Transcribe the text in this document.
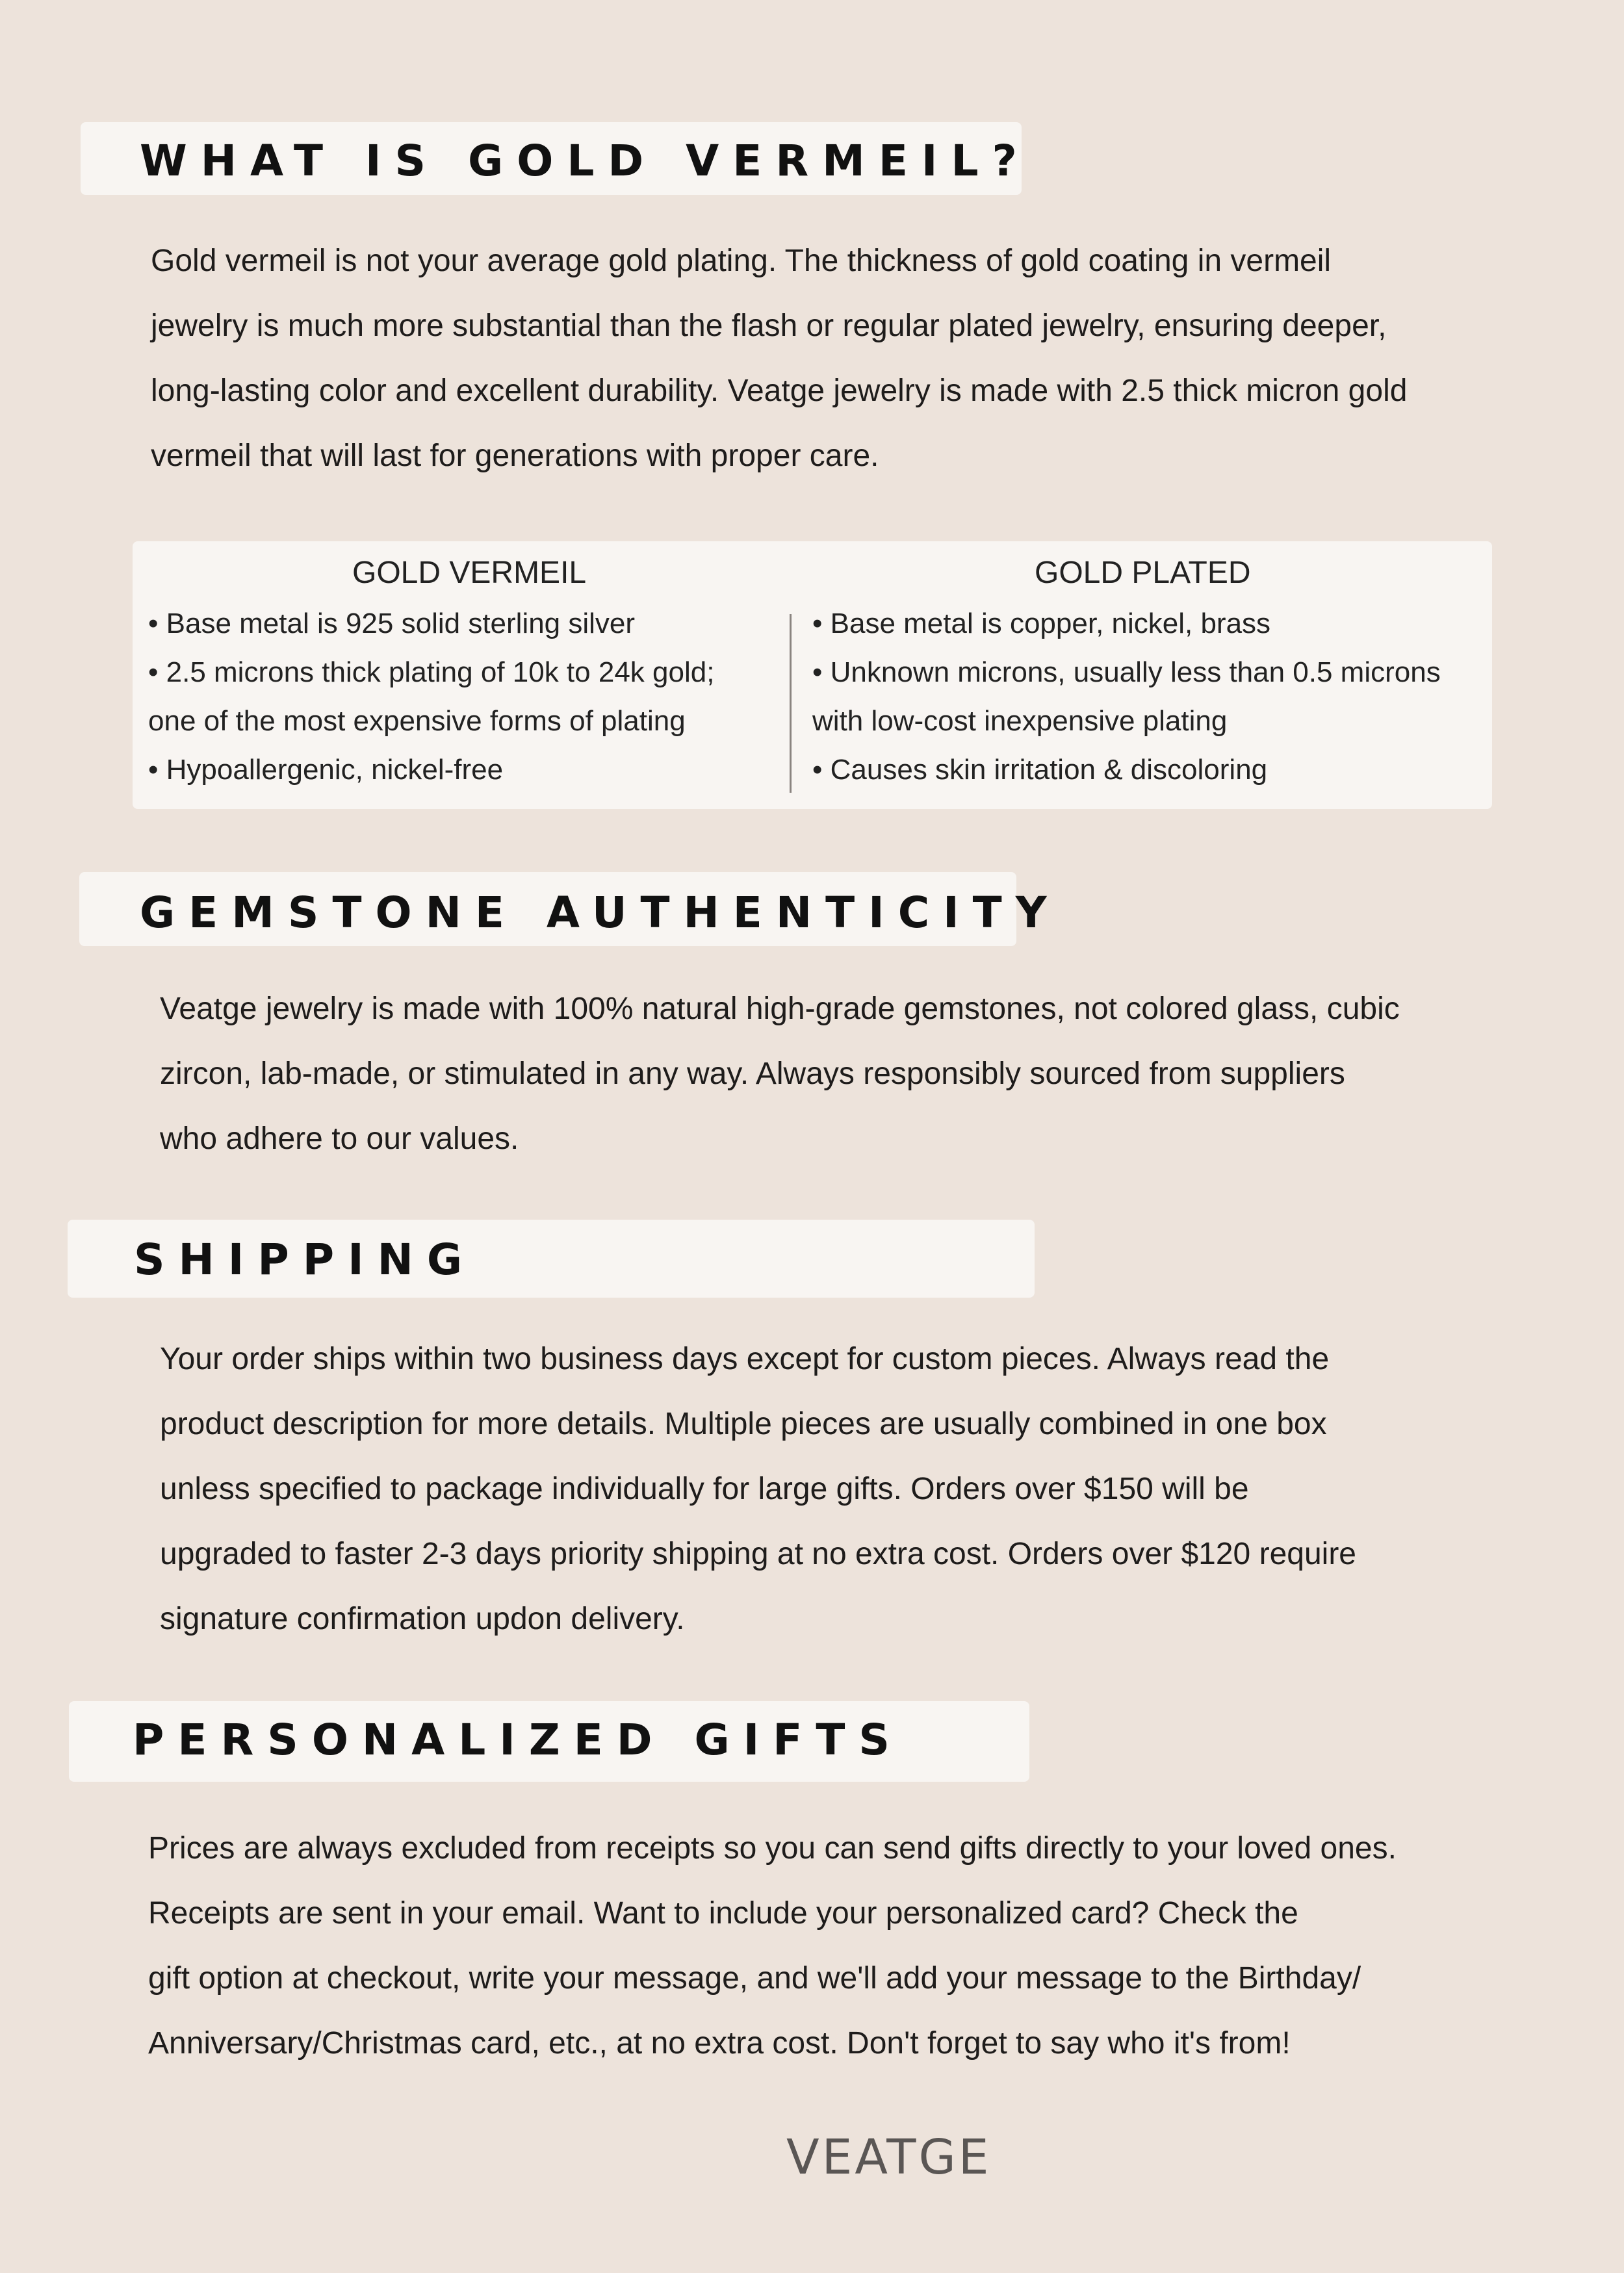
WHAT IS GOLD VERMEIL?
Gold vermeil is not your average gold plating. The thickness of gold coating in vermeil
jewelry is much more substantial than the flash or regular plated jewelry, ensuring deeper,
long-lasting color and excellent durability. Veatge jewelry is made with 2.5 thick micron gold
vermeil that will last for generations with proper care.
GOLD VERMEIL	GOLD PLATED
• Base metal is 925 solid sterling silver
• 2.5 microns thick plating of 10k to 24k gold;
one of the most expensive forms of plating
• Hypoallergenic, nickel-free
• Base metal is copper, nickel, brass
• Unknown microns, usually less than 0.5 microns
with low-cost inexpensive plating
• Causes skin irritation & discoloring
GEMSTONE AUTHENTICITY
Veatge jewelry is made with 100% natural high-grade gemstones, not colored glass, cubic
zircon, lab-made, or stimulated in any way. Always responsibly sourced from suppliers
who adhere to our values.
SHIPPING
Your order ships within two business days except for custom pieces. Always read the
product description for more details. Multiple pieces are usually combined in one box
unless specified to package individually for large gifts. Orders over $150 will be
upgraded to faster 2-3 days priority shipping at no extra cost. Orders over $120 require
signature confirmation updon delivery.
PERSONALIZED GIFTS
Prices are always excluded from receipts so you can send gifts directly to your loved ones.
Receipts are sent in your email. Want to include your personalized card? Check the
gift option at checkout, write your message, and we'll add your message to the Birthday/
Anniversary/Christmas card, etc., at no extra cost. Don't forget to say who it's from!
VEATGE
